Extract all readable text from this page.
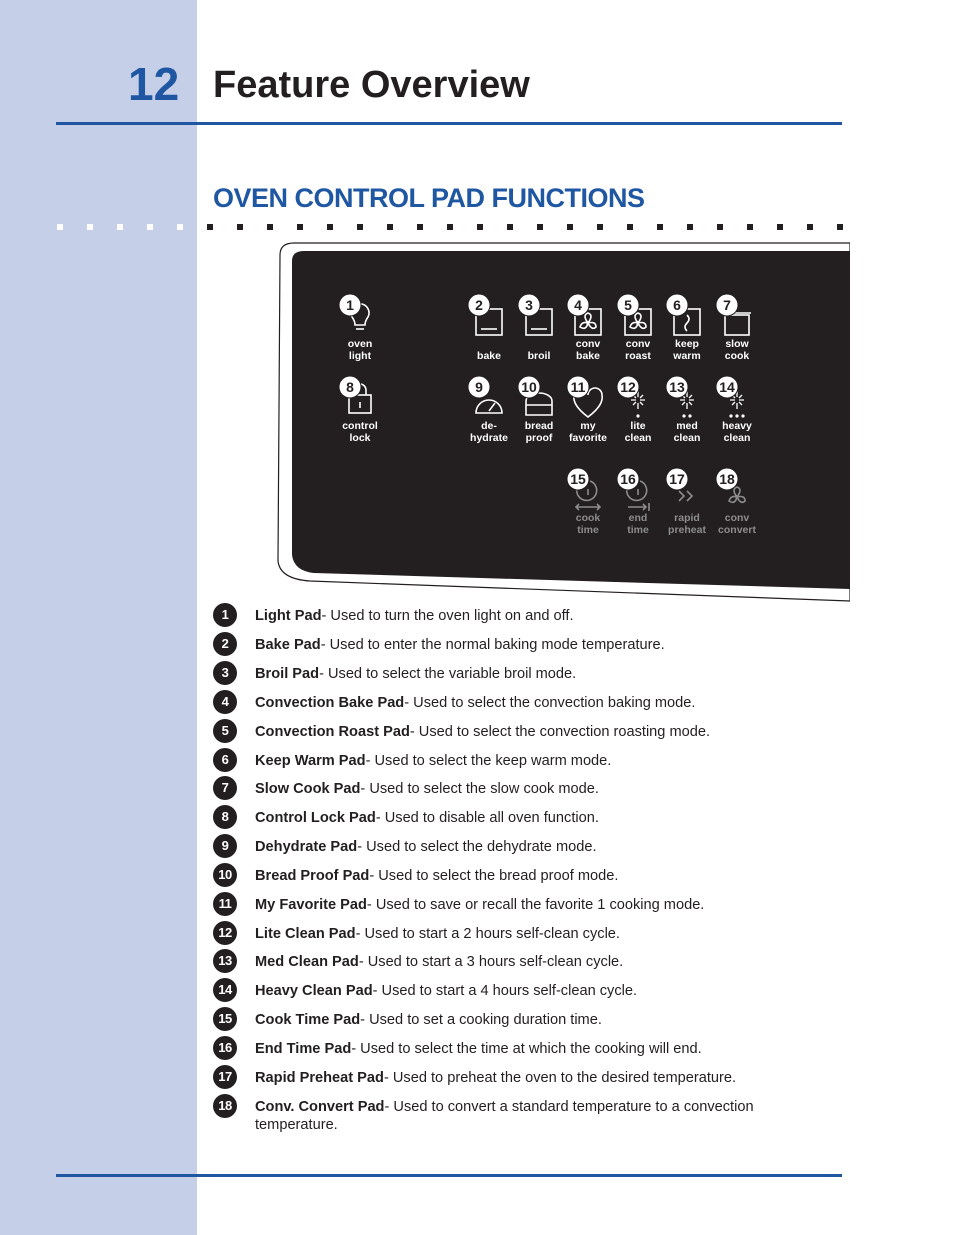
12 Feature Overview
OVEN CONTROL PAD FUNCTIONS
1
oven
light
2
bake
3
broil
4
conv
bake
5
conv
roast
6
keep
warm
7
slow
cook
8
control
lock
9
de-
hydrate
10
bread
proof
11
my
favorite
12
lite
clean
13
med
clean
14
heavy
clean
15
cook
time
16
end
time
17
rapid
preheat
18
conv
convert
1	Light Pad- Used to turn the oven light on and off.
2	Bake Pad- Used to enter the normal baking mode temperature.
3	Broil Pad- Used to select the variable broil mode.
4	Convection Bake Pad- Used to select the convection baking mode.
5	Convection Roast Pad- Used to select the convection roasting mode.
6	Keep Warm Pad- Used to select the keep warm mode.
7	Slow Cook Pad- Used to select the slow cook mode.
8	Control Lock Pad- Used to disable all oven function.
9	Dehydrate Pad- Used to select the dehydrate mode.
10	Bread Proof Pad- Used to select the bread proof mode.
11	My Favorite Pad- Used to save or recall the favorite 1 cooking mode.
12	Lite Clean Pad- Used to start a 2 hours self-clean cycle.
13	Med Clean Pad- Used to start a 3 hours self-clean cycle.
14	Heavy Clean Pad- Used to start a 4 hours self-clean cycle.
15	Cook Time Pad- Used to set a cooking duration time.
16	End Time Pad- Used to select the time at which the cooking will end.
17	Rapid Preheat Pad- Used to preheat the oven to the desired temperature.
18	Conv. Convert Pad- Used to convert a standard temperature to a convection temperature.
